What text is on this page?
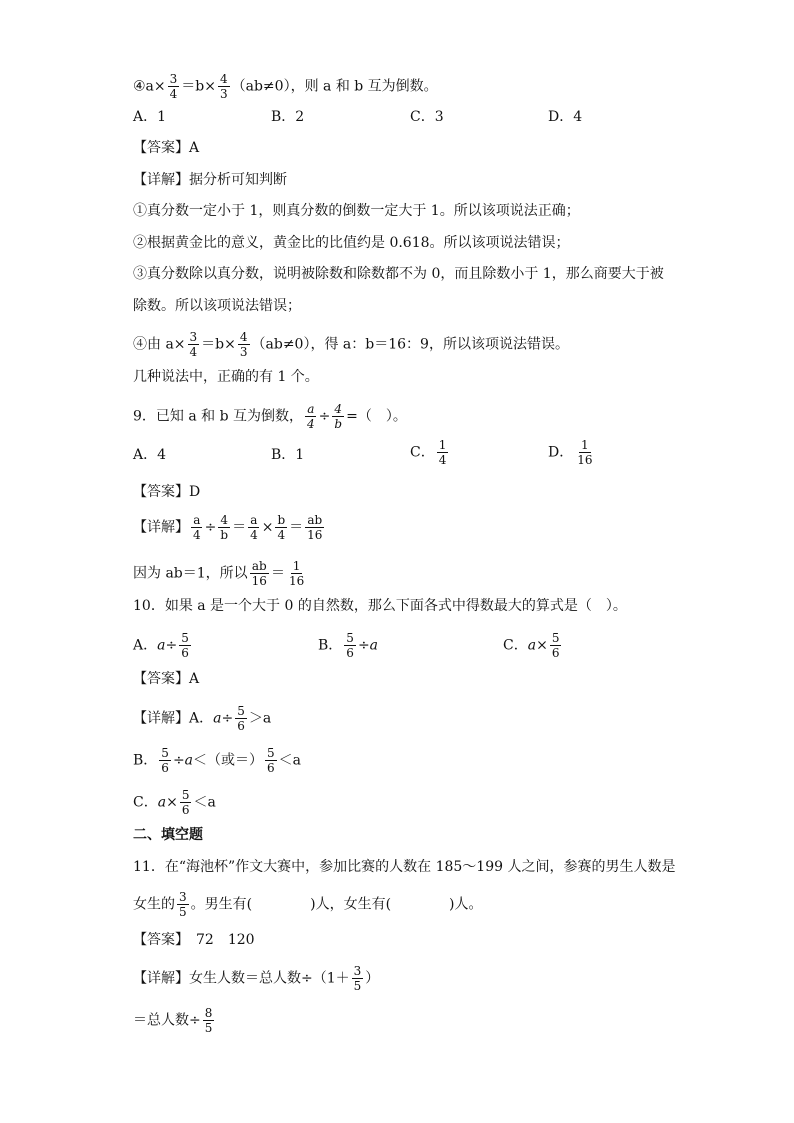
④a× $\frac{3}{4} =b\times \frac{4}{3} (ab\ne 0)$，则 a 和 b 互为倒数。
A．1	B．2	C．3	D．4
【答案】A
【详解】据分析可知判断
①真分数一定小于 1，则真分数的倒数一定大于 1。所以该项说法正确；
②根据黄金比的意义，黄金比的比值约是 0.618。所以该项说法错误；
③真分数除以真分数，说明被除数和除数都不为 0，而且除数小于 1，那么商要大于被
除数。所以该项说法错误；
④由 $a\times \frac{3}{4} =b\times \frac{4}{3} (ab\ne 0)$，得 a：b＝16：9，所以该项说法错误。
几种说法中，正确的有 1 个。
9．已知 a 和 b 互为倒数， $\frac{a}{4} \div \frac{4}{b}$ =（　）。
A．4	B．1	C． $\frac{1}{4}$	D． $\frac{1}{16}$
【答案】D
【详解】 $\frac{a}{4} \div \frac{4}{b} = \frac{a}{4} \times \frac{b}{4} = \frac{ab}{16}$
因为 ab＝1，所以 $\frac{ab}{16} = \frac{1}{16}$
10．如果 a 是一个大于 0 的自然数，那么下面各式中得数最大的算式是（　）。
A．$a\div \frac{5}{6}$	B． $\frac{5}{6} \div a$	C．$a\times \frac{5}{6}$
【答案】A
【详解】A．$a\div \frac{5}{6} >a$
B． $\frac{5}{6} \div a<$（或＝） $\frac{5}{6} <a$
C．$a\times \frac{5}{6} <a$
二、填空题
11．在“海池杯”作文大赛中，参加比赛的人数在 185～199 人之间，参赛的男生人数是
女生的 $\frac{3}{5}$ 。男生有(	)人，女生有(	)人。
【答案】　72　120
【详解】女生人数＝总人数$\div(1+ \frac{3}{5}$ ）
＝总人数÷ $\frac{8}{5}$
